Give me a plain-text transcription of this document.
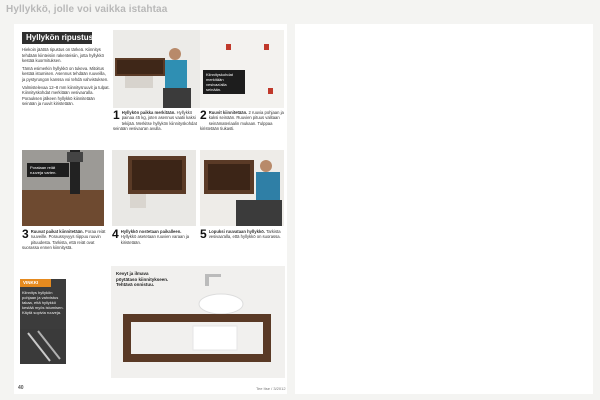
Hyllykkö, jolle voi vaikka istahtaa
Hyllykön ripustus

Hiekoin jäätöä ripustus on tärkeä. Kiinnitys tehdään kiinteisiin rakenteisiin, jotta hyllykkö kestää kuormituksen.

Tämä esimerkin hyllykkö on tukeva. Mitoitus kestää istumisen. Asennus tehdään ruuveilla, ja pystyrungon kanssa voi tehdä vahvistuksen.

Valmistelevaa 12–8 mm kiinnitysruuvit ja tulpat. Kiinnityskohdat merkitään vesivaa'alla. Porauksen jälkeen hyllykkö kiinnitetään seinään ja ruuvit kiristetään.

Kiinnityskohdat merkitään vesivaa'alla seinään.
1 Hyllykön paikka merkitään. Hyllykkö painaa 45 kg, joten asennus vaatii kaksi tekijää. Merkitse hyllykön kiinnityskohdat seinään vesivaa'an avulla.
2 Ruuvit kiinnitetään. 2 ruuvia pohjaan ja kaksi seinään. Ruuvien pituus valitaan seinämateriaalin mukaan. Tulppaa kiristetään tiukasti.
Porataan reiät ruuveja varten.
3 Ruuvat paikat kiinnitetään. Poraa reiät ruuveille. Poraussyvyys riippuu ruuvin pituudesta. Tarkista, että reiät ovat suorassa ennen kiinnitystä.
4 Hyllykkö nostetaan paikalleen. Hyllykkö asetetaan ruuvien varaan ja kiristetään.
5 Lopuksi ruuvataan hyllykkö. Tarkista vesivaa'alla, että hyllykkö on suorassa.
VINKKI
Kiinnitys hyllykön pohjaan ja vahvistus takaa, että hyllykkö kestää myös istumisen. Käytä sopivia ruuveja.
40
Kevyt ja ilmava pöytätaso kiinnitykseen. Tehtävä onnistuu.
Tee Itse / 3/2012
